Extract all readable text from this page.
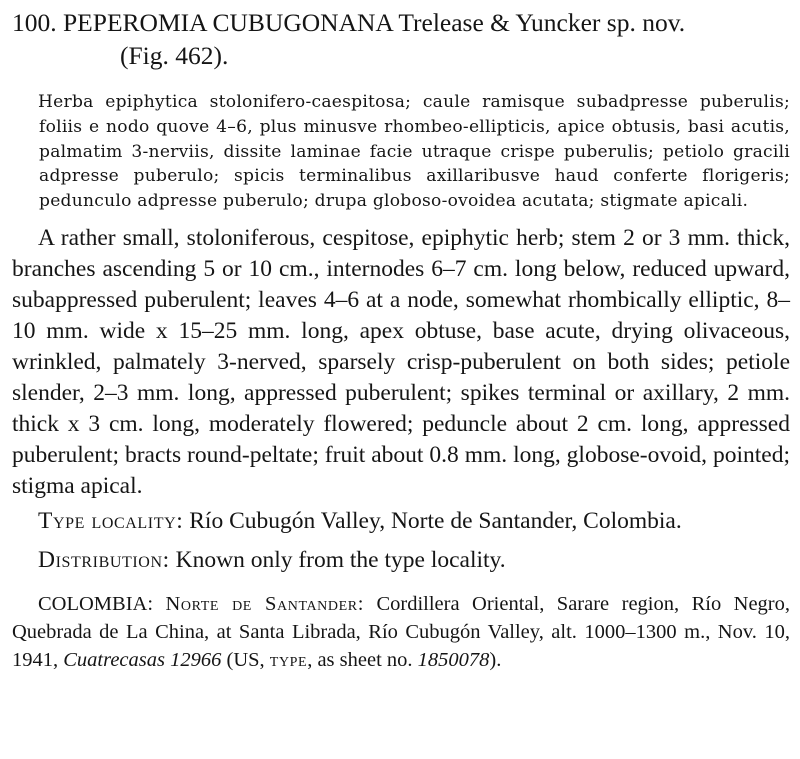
100. PEPEROMIA CUBUGONANA Trelease & Yuncker sp. nov.
(Fig. 462).

Herba epiphytica stolonifero-caespitosa; caule ramisque subadpresse puberulis; foliis e nodo quove 4–6, plus minusve rhombeo-ellipticis, apice obtusis, basi acutis, palmatim 3-nerviis, dissite laminae facie utraque crispe puberulis; petiolo gracili adpresse puberulo; spicis terminalibus axillaribusve haud conferte florigeris; pedunculo adpresse puberulo; drupa globoso-ovoidea acutata; stigmate apicali.

A rather small, stoloniferous, cespitose, epiphytic herb; stem 2 or 3 mm. thick, branches ascending 5 or 10 cm., internodes 6–7 cm. long below, reduced upward, subappressed puberulent; leaves 4–6 at a node, somewhat rhombically elliptic, 8–10 mm. wide x 15–25 mm. long, apex obtuse, base acute, drying olivaceous, wrinkled, palmately 3-nerved, sparsely crisp-puberulent on both sides; petiole slender, 2–3 mm. long, appressed puberulent; spikes terminal or axillary, 2 mm. thick x 3 cm. long, moderately flowered; peduncle about 2 cm. long, appressed puberulent; bracts round-peltate; fruit about 0.8 mm. long, globose-ovoid, pointed; stigma apical.

Type locality: Río Cubugón Valley, Norte de Santander, Colombia.

Distribution: Known only from the type locality.

COLOMBIA: Norte de Santander: Cordillera Oriental, Sarare region, Río Negro, Quebrada de La China, at Santa Librada, Río Cubugón Valley, alt. 1000–1300 m., Nov. 10, 1941, Cuatrecasas 12966 (US, type, as sheet no. 1850078).
